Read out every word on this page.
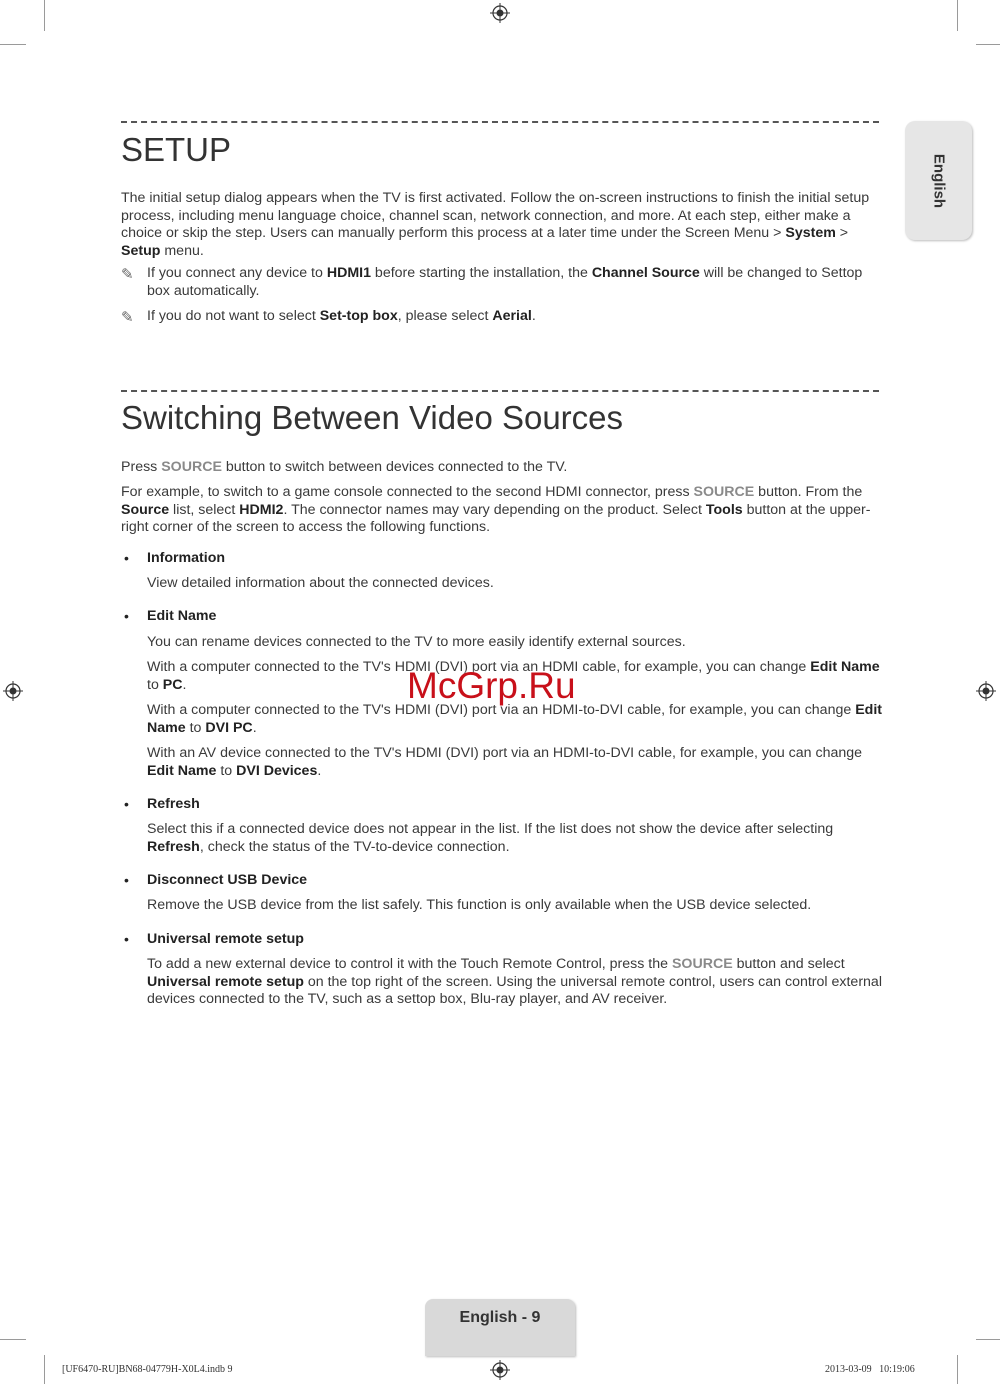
English
SETUP

The initial setup dialog appears when the TV is first activated. Follow the on-screen instructions to finish the initial setup process, including menu language choice, channel scan, network connection, and more. At each step, either make a choice or skip the step. Users can manually perform this process at a later time under the Screen Menu > System > Setup menu.

✎ If you connect any device to HDMI1 before starting the installation, the Channel Source will be changed to Settop box automatically.

✎ If you do not want to select Set-top box, please select Aerial.

Switching Between Video Sources

Press SOURCE button to switch between devices connected to the TV.

For example, to switch to a game console connected to the second HDMI connector, press SOURCE button. From the Source list, select HDMI2. The connector names may vary depending on the product. Select Tools button at the upper-right corner of the screen to access the following functions.

• Information

View detailed information about the connected devices.

• Edit Name

You can rename devices connected to the TV to more easily identify external sources.

With a computer connected to the TV's HDMI (DVI) port via an HDMI cable, for example, you can change Edit Name to PC.

With a computer connected to the TV's HDMI (DVI) port via an HDMI-to-DVI cable, for example, you can change Edit Name to DVI PC.

With an AV device connected to the TV's HDMI (DVI) port via an HDMI-to-DVI cable, for example, you can change Edit Name to DVI Devices.

• Refresh

Select this if a connected device does not appear in the list. If the list does not show the device after selecting Refresh, check the status of the TV-to-device connection.

• Disconnect USB Device

Remove the USB device from the list safely. This function is only available when the USB device selected.

• Universal remote setup

To add a new external device to control it with the Touch Remote Control, press the SOURCE button and select Universal remote setup on the top right of the screen. Using the universal remote control, users can control external devices connected to the TV, such as a settop box, Blu-ray player, and AV receiver.

McGrp.Ru
English - 9
[UF6470-RU]BN68-04779H-X0L4.indb 9	2013-03-09   10:19:06
